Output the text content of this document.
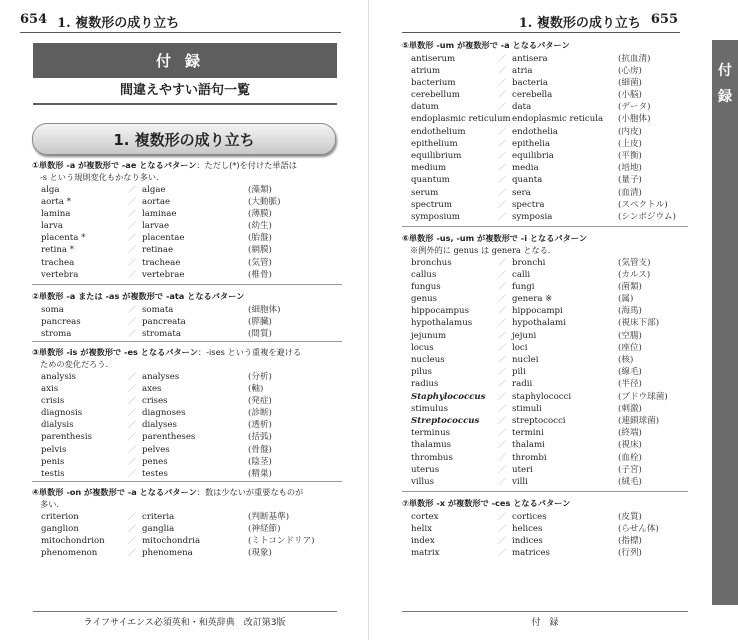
654 1. 複数形の成り立ち
付録
間違えやすい語句一覧
1. 複数形の成り立ち
①単数形 -a が複数形で -ae となるパターン：ただし(*)を付けた単語は
-s という規則変化もかなり多い.
alga	／ algae	(藻類)
aorta *	／ aortae	(大動脈)
lamina	／ laminae	(薄膜)
larva	／ larvae	(幼生)
placenta *	／ placentae	(胎盤)
retina *	／ retinae	(網膜)
trachea	／ tracheae	(気管)
vertebra	／ vertebrae	(椎骨)
②単数形 -a または -as が複数形で -ata となるパターン
soma	／ somata	(細胞体)
pancreas	／ pancreata	(膵臓)
stroma	／ stromata	(間質)
③単数形 -is が複数形で -es となるパターン：-ises という重複を避ける
ための変化だろう.
analysis	／ analyses	(分析)
axis	／ axes	(軸)
crisis	／ crises	(発症)
diagnosis	／ diagnoses	(診断)
dialysis	／ dialyses	(透析)
parenthesis	／ parentheses	(括弧)
pelvis	／ pelves	(骨盤)
penis	／ penes	(陰茎)
testis	／ testes	(精巣)
④単数形 -on が複数形で -a となるパターン：数は少ないが重要なものが
多い.
criterion	／ criteria	(判断基準)
ganglion	／ ganglia	(神経節)
mitochondrion	／ mitochondria	(ミトコンドリア)
phenomenon	／ phenomena	(現象)
ライフサイエンス必須英和・和英辞典　改訂第3版
1. 複数形の成り立ち 655
⑤単数形 -um が複数形で -a となるパターン
antiserum	／ antisera	(抗血清)
atrium	／ atria	(心房)
bacterium	／ bacteria	(細菌)
cerebellum	／ cerebella	(小脳)
datum	／ data	(データ)
endoplasmic reticulum ／ endoplasmic reticula	(小胞体)
endothelium	／ endothelia	(内皮)
epithelium	／ epithelia	(上皮)
equilibrium	／ equilibria	(平衡)
medium	／ media	(培地)
quantum	／ quanta	(量子)
serum	／ sera	(血清)
spectrum	／ spectra	(スペクトル)
symposium	／ symposia	(シンポジウム)
⑥単数形 -us, -um が複数形で -i となるパターン
※例外的に genus は genera となる.
bronchus	／ bronchi	(気管支)
callus	／ calli	(カルス)
fungus	／ fungi	(菌類)
genus	／ genera ※	(属)
hippocampus	／ hippocampi	(海馬)
hypothalamus	／ hypothalami	(視床下部)
jejunum	／ jejuni	(空腸)
locus	／ loci	(座位)
nucleus	／ nuclei	(核)
pilus	／ pili	(線毛)
radius	／ radii	(半径)
Staphylococcus	／ staphylococci	(ブドウ球菌)
stimulus	／ stimuli	(刺激)
Streptococcus	／ streptococci	(連鎖球菌)
terminus	／ termini	(終端)
thalamus	／ thalami	(視床)
thrombus	／ thrombi	(血栓)
uterus	／ uteri	(子宮)
villus	／ villi	(絨毛)
⑦単数形 -x が複数形で -ces となるパターン
cortex	／ cortices	(皮質)
helix	／ helices	(らせん体)
index	／ indices	(指標)
matrix	／ matrices	(行列)
付　録
付
録
